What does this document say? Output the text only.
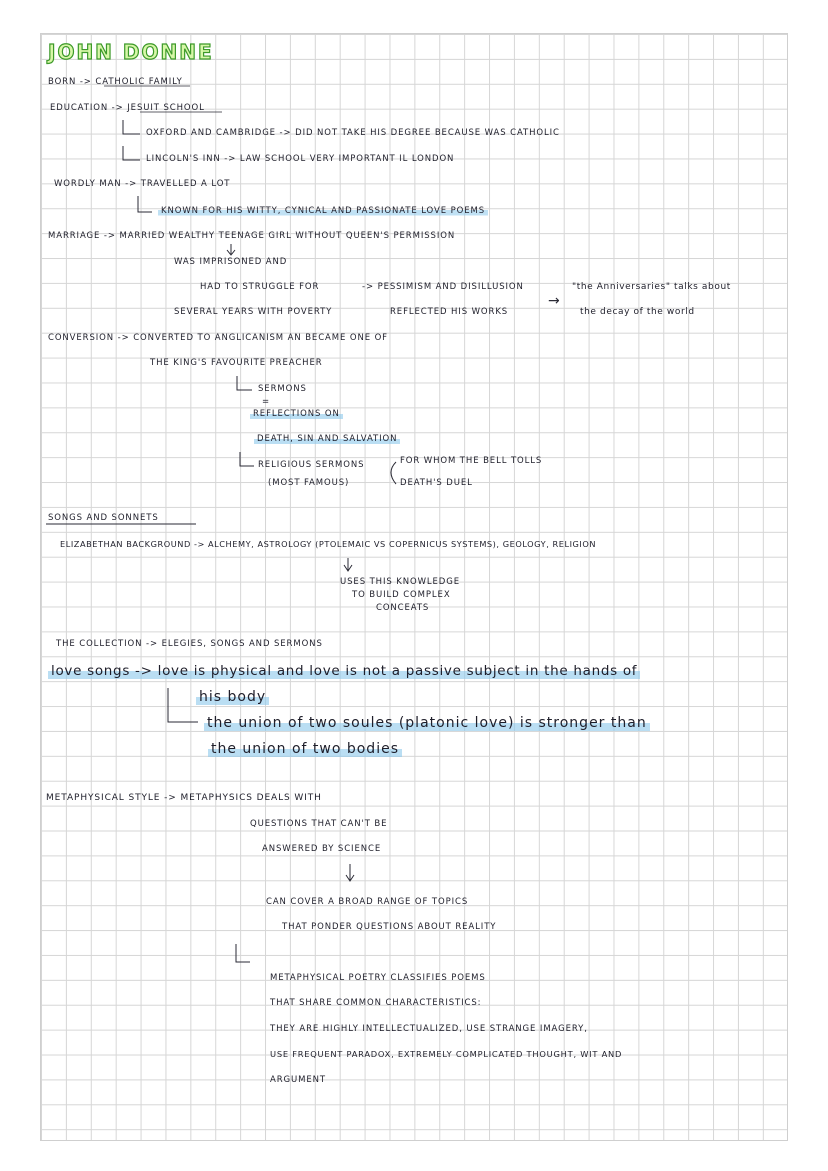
JOHN DONNE
BORN -> CATHOLIC FAMILY
EDUCATION -> JESUIT SCHOOL
OXFORD AND CAMBRIDGE -> DID NOT TAKE HIS DEGREE BECAUSE WAS CATHOLIC
LINCOLN'S INN -> LAW SCHOOL VERY IMPORTANT IL LONDON
WORDLY MAN -> TRAVELLED A LOT
KNOWN FOR HIS WITTY, CYNICAL AND PASSIONATE LOVE POEMS
MARRIAGE -> MARRIED WEALTHY TEENAGE GIRL WITHOUT QUEEN'S PERMISSION
WAS IMPRISONED AND
HAD TO STRUGGLE FOR
SEVERAL YEARS WITH POVERTY
-> PESSIMISM AND DISILLUSION
REFLECTED HIS WORKS
→
"the Anniversaries" talks about
the decay of the world
CONVERSION -> CONVERTED TO ANGLICANISM AN BECAME ONE OF
THE KING'S FAVOURITE PREACHER
SERMONS
=
REFLECTIONS ON
DEATH, SIN AND SALVATION
RELIGIOUS SERMONS
(MOST FAMOUS)
FOR WHOM THE BELL TOLLS
DEATH'S DUEL
SONGS AND SONNETS
ELIZABETHAN BACKGROUND -> ALCHEMY, ASTROLOGY (PTOLEMAIC VS COPERNICUS SYSTEMS), GEOLOGY, RELIGION
USES THIS KNOWLEDGE
TO BUILD COMPLEX
CONCEATS
THE COLLECTION -> ELEGIES, SONGS AND SERMONS
love songs -> love is physical and love is not a passive subject in the hands of
his body
the union of two soules (platonic love) is stronger than
the union of two bodies
METAPHYSICAL STYLE -> METAPHYSICS DEALS WITH
QUESTIONS THAT CAN'T BE
ANSWERED BY SCIENCE
CAN COVER A BROAD RANGE OF TOPICS
THAT PONDER QUESTIONS ABOUT REALITY
METAPHYSICAL POETRY CLASSIFIES POEMS
THAT SHARE COMMON CHARACTERISTICS:
THEY ARE HIGHLY INTELLECTUALIZED, USE STRANGE IMAGERY,
USE FREQUENT PARADOX, EXTREMELY COMPLICATED THOUGHT, WIT AND
ARGUMENT
